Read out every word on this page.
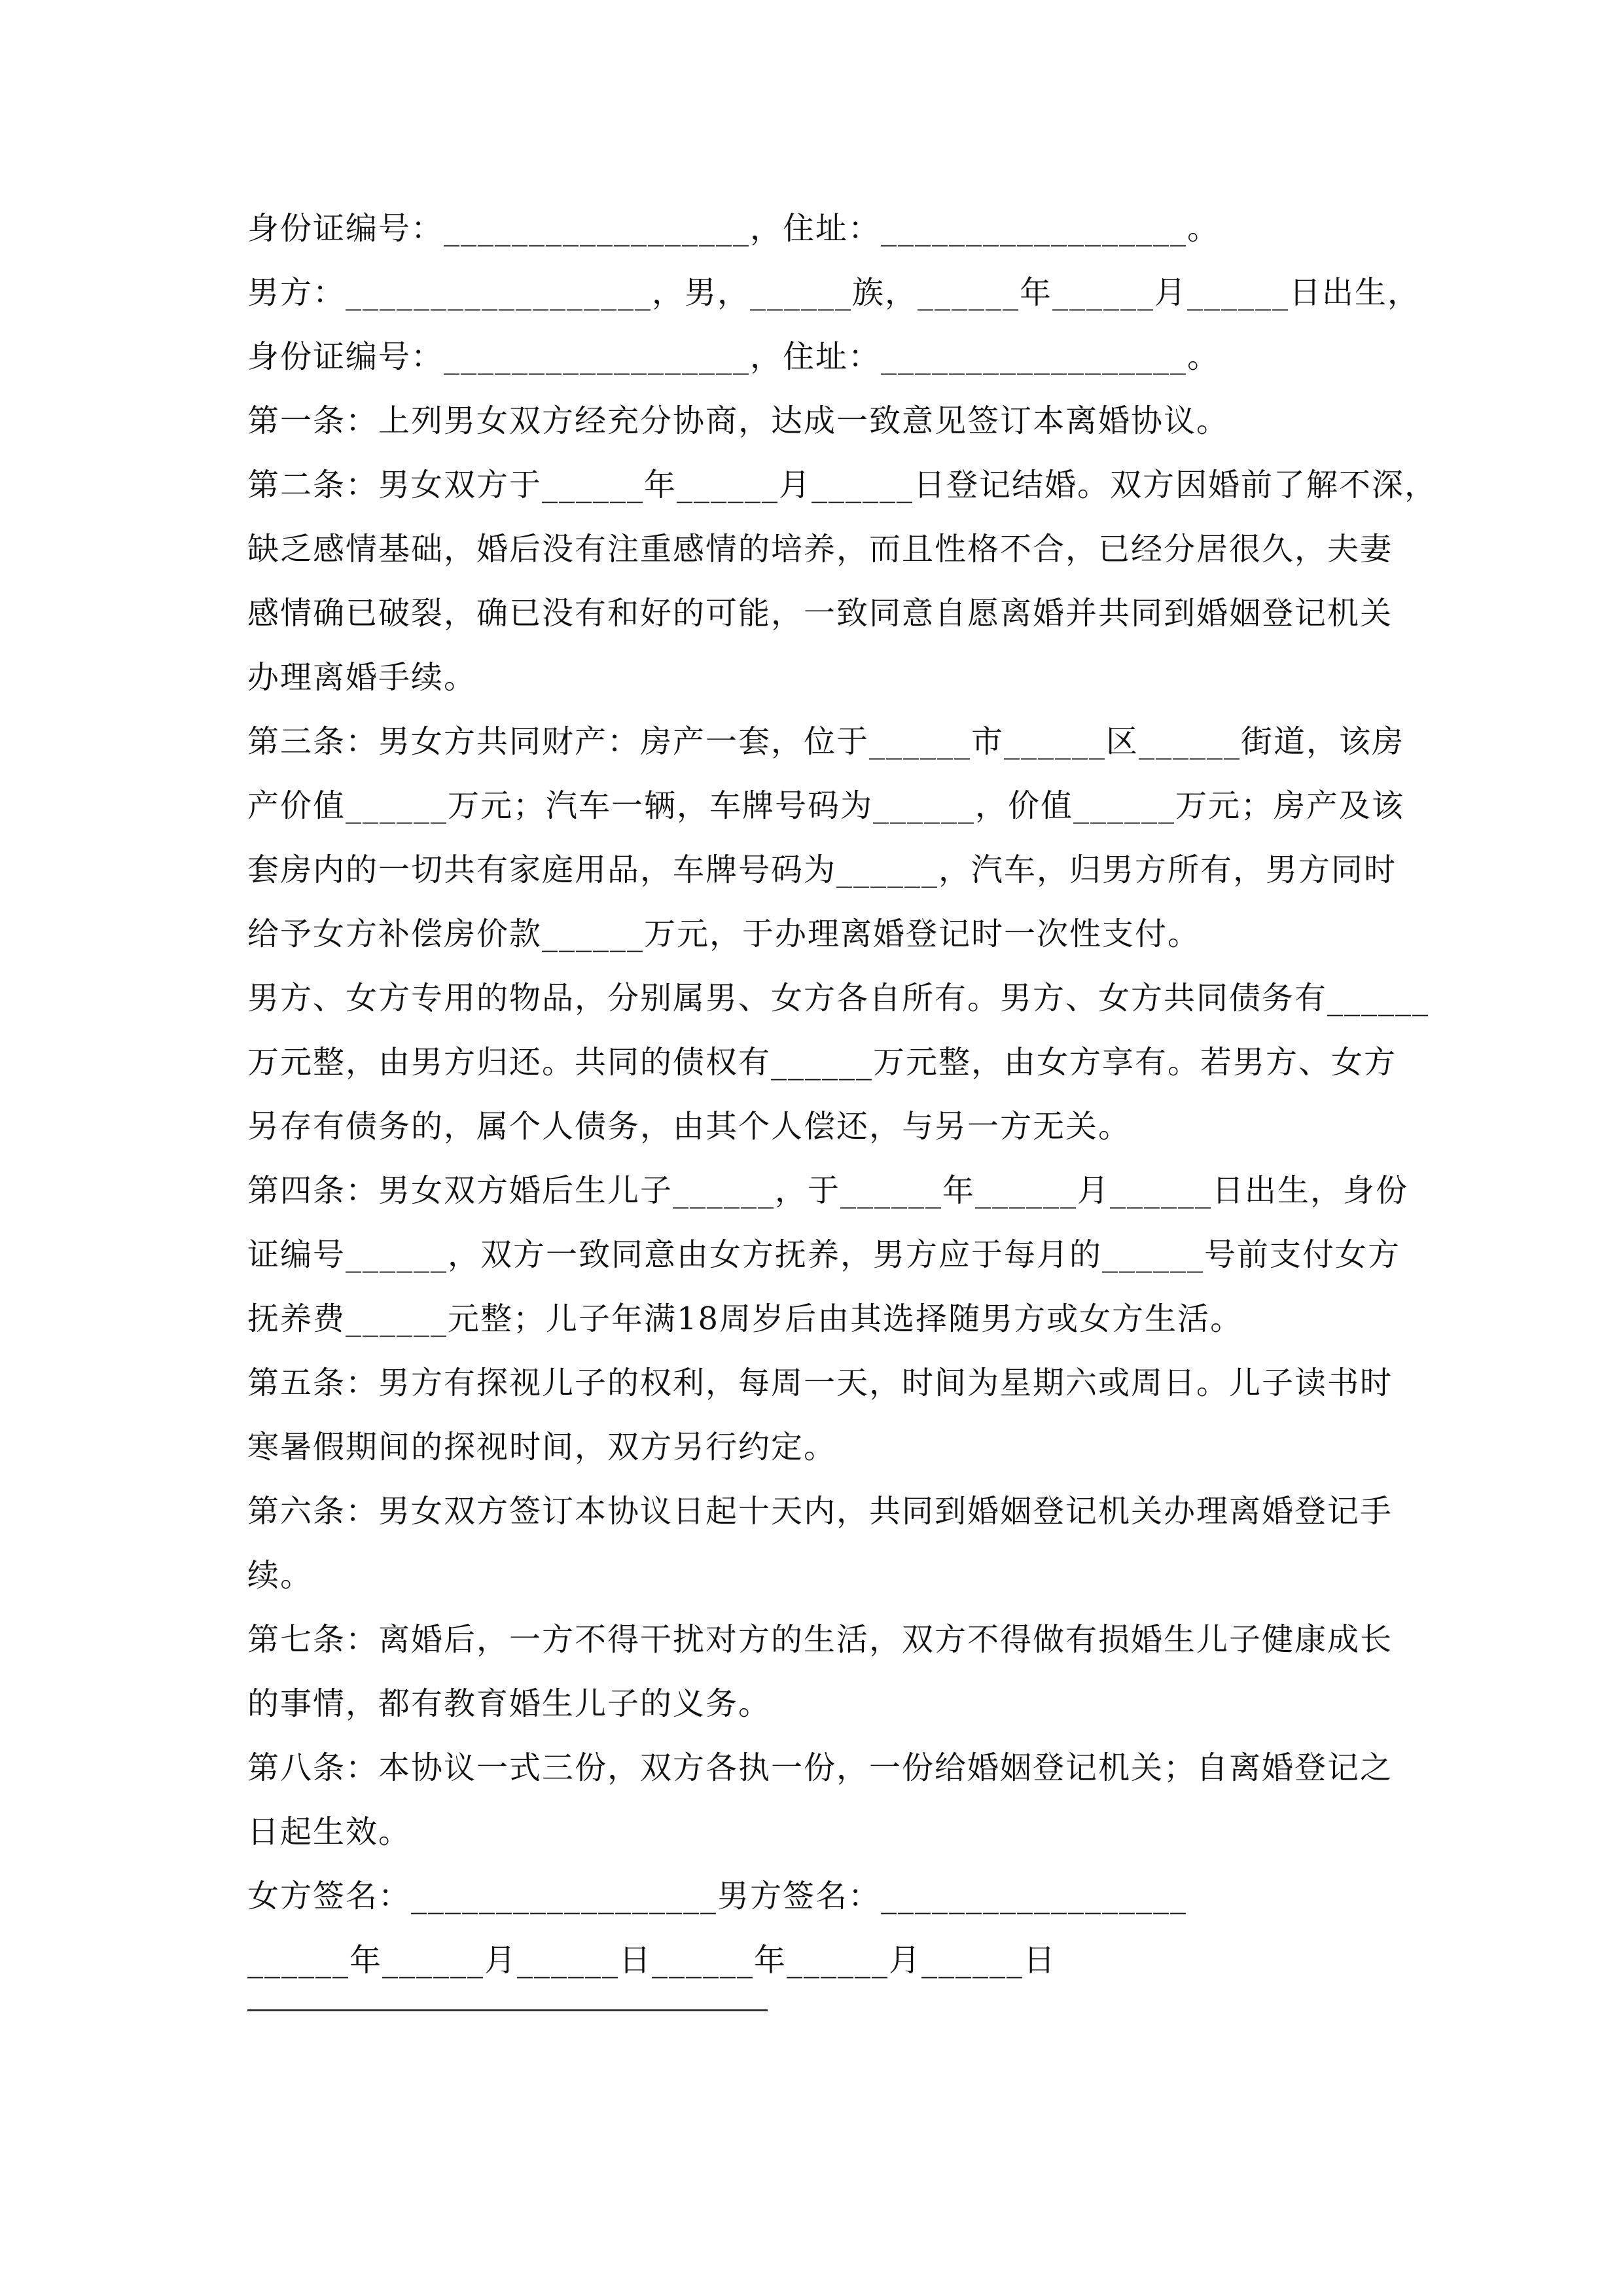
身份证编号：__________________，住址：__________________。
男方：__________________，男，______族，______年______月______日出生，
身份证编号：__________________，住址：__________________。
第一条：上列男女双方经充分协商，达成一致意见签订本离婚协议。
第二条：男女双方于______年______月______日登记结婚。双方因婚前了解不深，
缺乏感情基础，婚后没有注重感情的培养，而且性格不合，已经分居很久，夫妻
感情确已破裂，确已没有和好的可能，一致同意自愿离婚并共同到婚姻登记机关
办理离婚手续。
第三条：男女方共同财产：房产一套，位于______市______区______街道，该房
产价值______万元；汽车一辆，车牌号码为______，价值______万元；房产及该
套房内的一切共有家庭用品，车牌号码为______，汽车，归男方所有，男方同时
给予女方补偿房价款______万元，于办理离婚登记时一次性支付。
男方、女方专用的物品，分别属男、女方各自所有。男方、女方共同债务有______
万元整，由男方归还。共同的债权有______万元整，由女方享有。若男方、女方
另存有债务的，属个人债务，由其个人偿还，与另一方无关。
第四条：男女双方婚后生儿子______，于______年______月______日出生，身份
证编号______，双方一致同意由女方抚养，男方应于每月的______号前支付女方
抚养费______元整；儿子年满18周岁后由其选择随男方或女方生活。
第五条：男方有探视儿子的权利，每周一天，时间为星期六或周日。儿子读书时
寒暑假期间的探视时间，双方另行约定。
第六条：男女双方签订本协议日起十天内，共同到婚姻登记机关办理离婚登记手
续。
第七条：离婚后，一方不得干扰对方的生活，双方不得做有损婚生儿子健康成长
的事情，都有教育婚生儿子的义务。
第八条：本协议一式三份，双方各执一份，一份给婚姻登记机关；自离婚登记之
日起生效。
女方签名：__________________男方签名：__________________
______年______月______日______年______月______日
